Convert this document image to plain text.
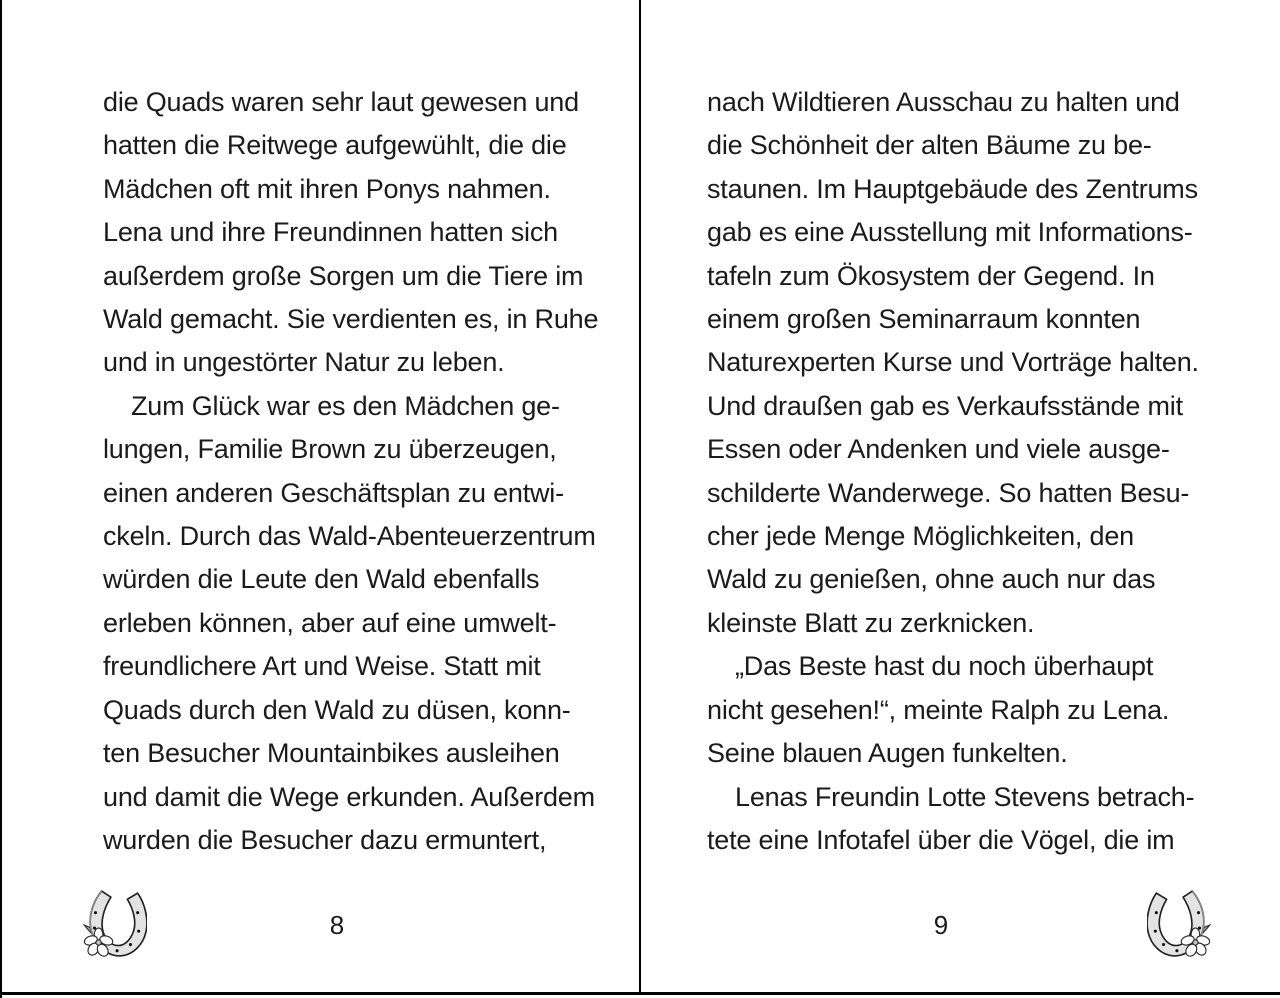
die Quads waren sehr laut gewesen und
hatten die Reitwege aufgewühlt, die die
Mädchen oft mit ihren Ponys nahmen.
Lena und ihre Freundinnen hatten sich
außerdem große Sorgen um die Tiere im
Wald gemacht. Sie verdienten es, in Ruhe
und in ungestörter Natur zu leben.
Zum Glück war es den Mädchen ge-
lungen, Familie Brown zu überzeugen,
einen anderen Geschäftsplan zu entwi-
ckeln. Durch das Wald-Abenteuerzentrum
würden die Leute den Wald ebenfalls
erleben können, aber auf eine umwelt-
freundlichere Art und Weise. Statt mit
Quads durch den Wald zu düsen, konn-
ten Besucher Mountainbikes ausleihen
und damit die Wege erkunden. Außerdem
wurden die Besucher dazu ermuntert,
nach Wildtieren Ausschau zu halten und
die Schönheit der alten Bäume zu be-
staunen. Im Hauptgebäude des Zentrums
gab es eine Ausstellung mit Informations-
tafeln zum Ökosystem der Gegend. In
einem großen Seminarraum konnten
Naturexperten Kurse und Vorträge halten.
Und draußen gab es Verkaufsstände mit
Essen oder Andenken und viele ausge-
schilderte Wanderwege. So hatten Besu-
cher jede Menge Möglichkeiten, den
Wald zu genießen, ohne auch nur das
kleinste Blatt zu zerknicken.
„Das Beste hast du noch überhaupt
nicht gesehen!“, meinte Ralph zu Lena.
Seine blauen Augen funkelten.
Lenas Freundin Lotte Stevens betrach-
tete eine Infotafel über die Vögel, die im
8	9
